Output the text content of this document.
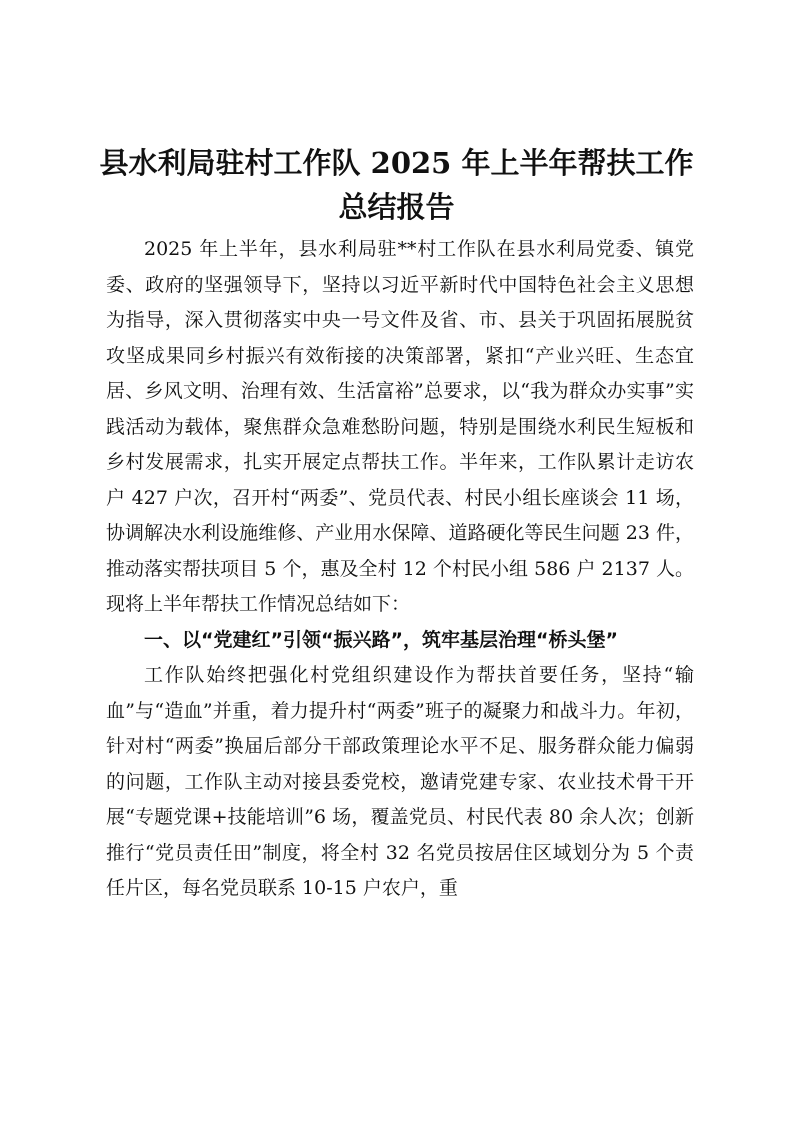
县水利局驻村工作队 2025 年上半年帮扶工作
总结报告

2025 年上半年，县水利局驻**村工作队在县水利局党委、镇党委、政府的坚强领导下，坚持以习近平新时代中国特色社会主义思想为指导，深入贯彻落实中央一号文件及省、市、县关于巩固拓展脱贫攻坚成果同乡村振兴有效衔接的决策部署，紧扣“产业兴旺、生态宜居、乡风文明、治理有效、生活富裕”总要求，以“我为群众办实事”实践活动为载体，聚焦群众急难愁盼问题，特别是围绕水利民生短板和乡村发展需求，扎实开展定点帮扶工作。半年来，工作队累计走访农户 427 户次，召开村“两委”、党员代表、村民小组长座谈会 11 场，协调解决水利设施维修、产业用水保障、道路硬化等民生问题 23 件，推动落实帮扶项目 5 个，惠及全村 12 个村民小组 586 户 2137 人。现将上半年帮扶工作情况总结如下：

一、以“党建红”引领“振兴路”，筑牢基层治理“桥头堡”

工作队始终把强化村党组织建设作为帮扶首要任务，坚持“输血”与“造血”并重，着力提升村“两委”班子的凝聚力和战斗力。年初，针对村“两委”换届后部分干部政策理论水平不足、服务群众能力偏弱的问题，工作队主动对接县委党校，邀请党建专家、农业技术骨干开展“专题党课+技能培训”6 场，覆盖党员、村民代表 80 余人次；创新推行“党员责任田”制度，将全村 32 名党员按居住区域划分为 5 个责任片区，每名党员联系 10-15 户农户，重
